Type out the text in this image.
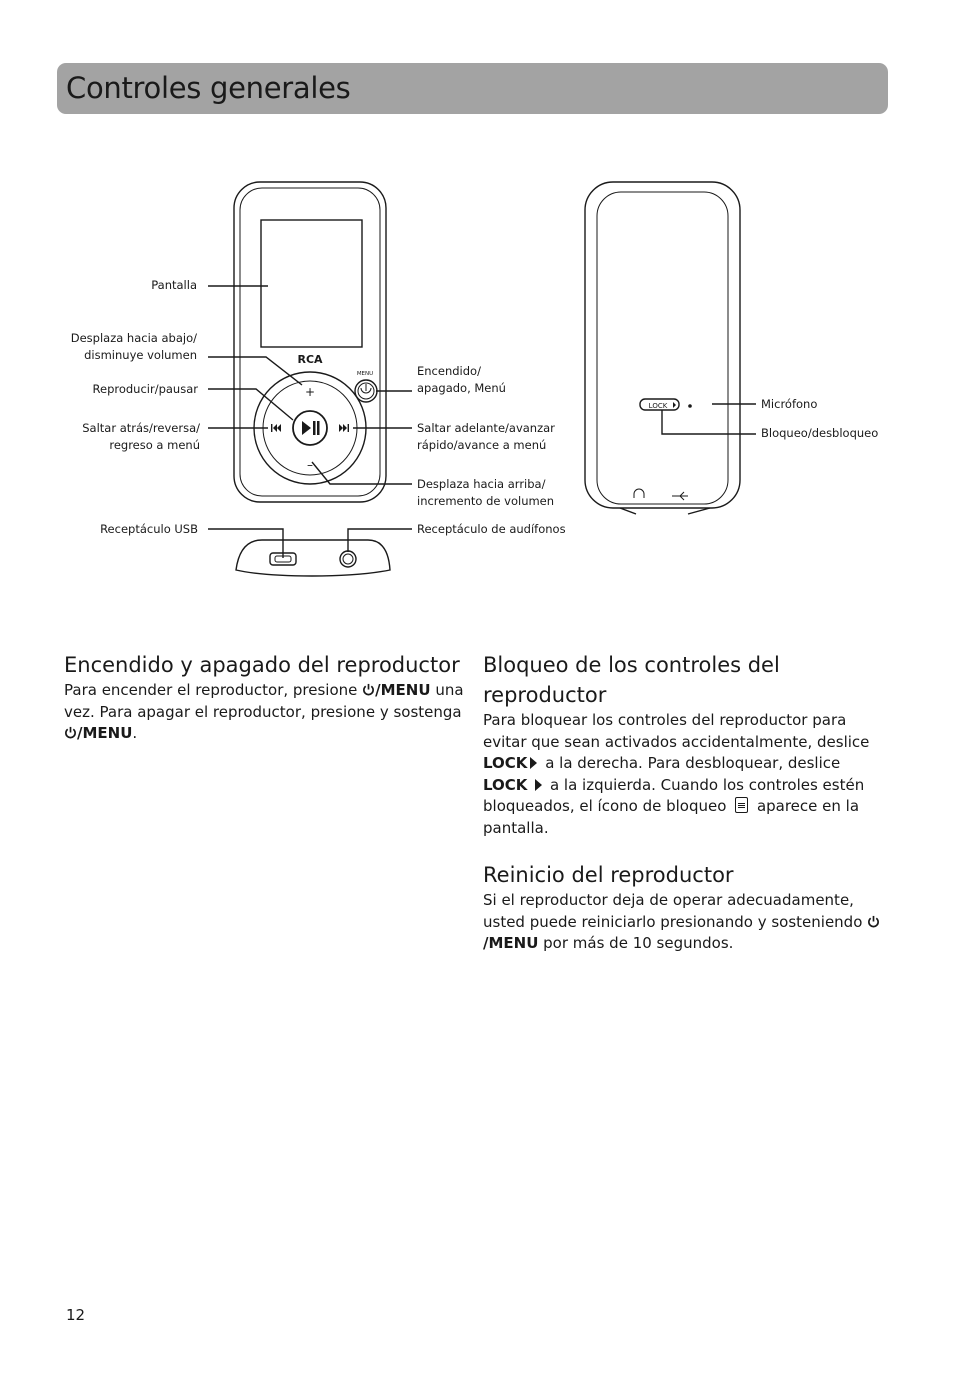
Controles generales
RCA
MENU
+
–
LOCK
Pantalla
Desplaza hacia abajo/
disminuye volumen
Reproducir/pausar
Saltar atrás/reversa/
regreso a menú
Receptáculo USB
Encendido/
apagado, Menú
Saltar adelante/avanzar
rápido/avance a menú
Desplaza hacia arriba/
incremento de volumen
Receptáculo de audífonos
Micrófono
Bloqueo/desbloqueo
Encendido y apagado del reproductor

Para encender el reproductor, presione /MENU una vez. Para apagar el reproductor, presione y sostenga /MENU.

Bloqueo de los controles del reproductor

Para bloquear los controles del reproductor para evitar que sean activados accidentalmente, deslice LOCK a la derecha. Para desbloquear, deslice LOCK  a la izquierda. Cuando los controles estén bloqueados, el ícono de bloqueo  aparece en la pantalla.

Reinicio del reproductor

Si el reproductor deja de operar adecuadamente, usted puede reiniciarlo presionando y sosteniendo /MENU por más de 10 segundos.

12
